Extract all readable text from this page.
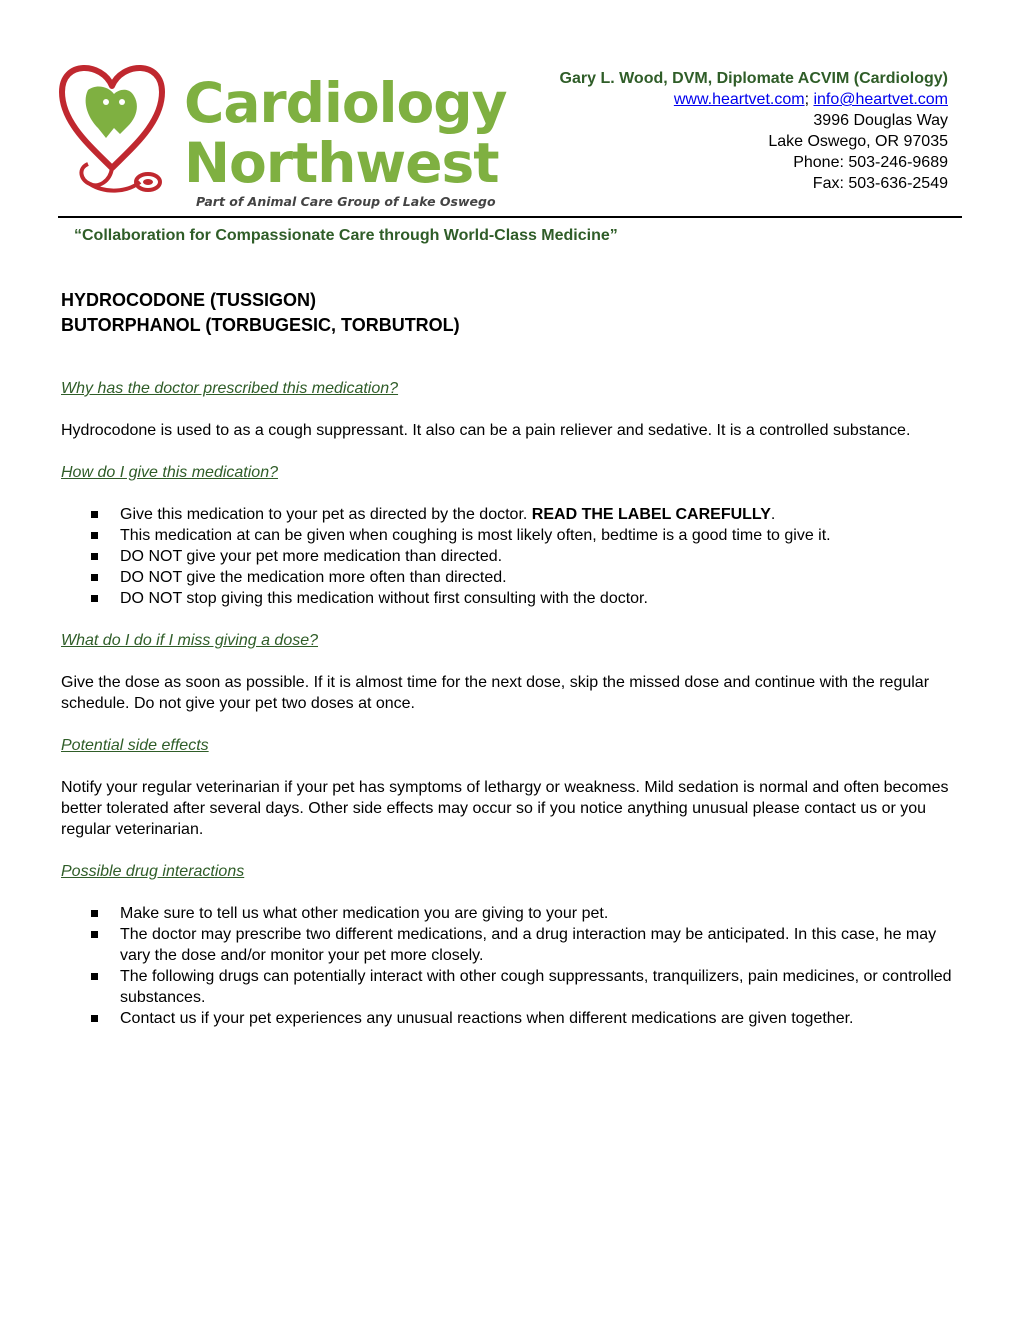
Cardiology
Northwest
Part of Animal Care Group of Lake Oswego
Gary L. Wood, DVM, Diplomate ACVIM (Cardiology)
www.heartvet.com; info@heartvet.com
3996 Douglas Way
Lake Oswego, OR 97035
Phone: 503-246-9689
Fax: 503-636-2549
“Collaboration for Compassionate Care through World-Class Medicine”
HYDROCODONE (TUSSIGON)
BUTORPHANOL (TORBUGESIC, TORBUTROL)
Why has the doctor prescribed this medication?

Hydrocodone is used to as a cough suppressant. It also can be a pain reliever and sedative. It is a controlled substance.

How do I give this medication?
Give this medication to your pet as directed by the doctor. READ THE LABEL CAREFULLY.
This medication at can be given when coughing is most likely often, bedtime is a good time to give it.
DO NOT give your pet more medication than directed.
DO NOT give the medication more often than directed.
DO NOT stop giving this medication without first consulting with the doctor.
What do I do if I miss giving a dose?

Give the dose as soon as possible. If it is almost time for the next dose, skip the missed dose and continue with the regular schedule. Do not give your pet two doses at once.

Potential side effects

Notify your regular veterinarian if your pet has symptoms of lethargy or weakness. Mild sedation is normal and often becomes better tolerated after several days. Other side effects may occur so if you notice anything unusual please contact us or you regular veterinarian.

Possible drug interactions
Make sure to tell us what other medication you are giving to your pet.
The doctor may prescribe two different medications, and a drug interaction may be anticipated. In this case, he may vary the dose and/or monitor your pet more closely.
The following drugs can potentially interact with other cough suppressants, tranquilizers, pain medicines, or controlled substances.
Contact us if your pet experiences any unusual reactions when different medications are given together.
